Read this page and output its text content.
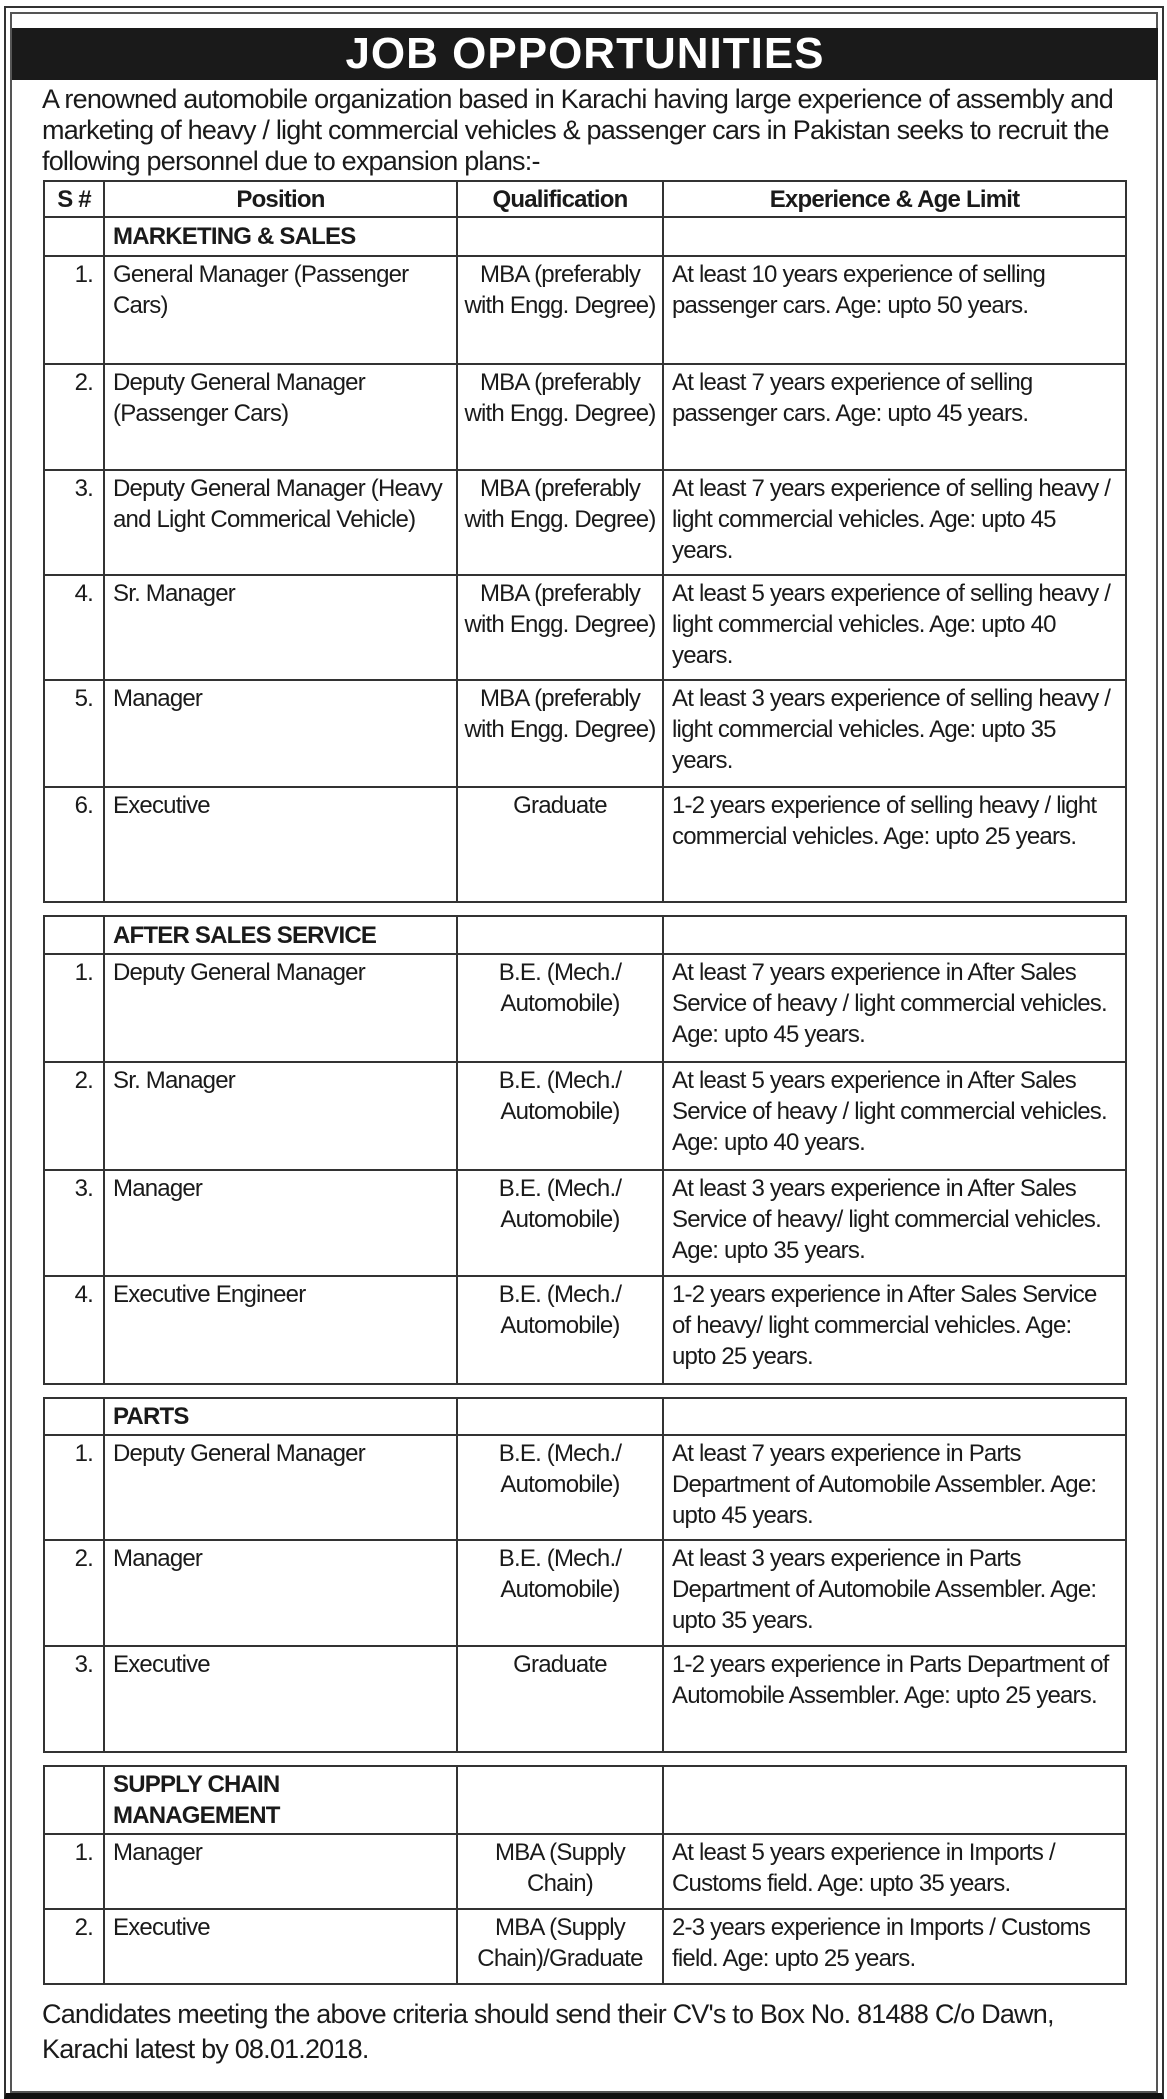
JOB OPPORTUNITIES
A renowned automobile organization based in Karachi having large experience of assembly and marketing of heavy / light commercial vehicles & passenger cars in Pakistan seeks to recruit the following personnel due to expansion plans:-
S #	Position	Qualification	Experience & Age Limit
	MARKETING & SALES		
1.	General Manager (Passenger Cars)	MBA (preferably with Engg. Degree)	At least 10 years experience of selling passenger cars. Age: upto 50 years.
2.	Deputy General Manager (Passenger Cars)	MBA (preferably with Engg. Degree)	At least 7 years experience of selling passenger cars. Age: upto 45 years.
3.	Deputy General Manager (Heavy and Light Commerical Vehicle)	MBA (preferably with Engg. Degree)	At least 7 years experience of selling heavy / light commercial vehicles. Age: upto 45 years.
4.	Sr. Manager	MBA (preferably with Engg. Degree)	At least 5 years experience of selling heavy / light commercial vehicles. Age: upto 40 years.
5.	Manager	MBA (preferably with Engg. Degree)	At least 3 years experience of selling heavy / light commercial vehicles. Age: upto 35 years.
6.	Executive	Graduate	1-2 years experience of selling heavy / light commercial vehicles. Age: upto 25 years.
	AFTER SALES SERVICE		
1.	Deputy General Manager	B.E. (Mech./ Automobile)	At least 7 years experience in After Sales Service of heavy / light commercial vehicles. Age: upto 45 years.
2.	Sr. Manager	B.E. (Mech./ Automobile)	At least 5 years experience in After Sales Service of heavy / light commercial vehicles. Age: upto 40 years.
3.	Manager	B.E. (Mech./ Automobile)	At least 3 years experience in After Sales Service of heavy/ light commercial vehicles. Age: upto 35 years.
4.	Executive Engineer	B.E. (Mech./ Automobile)	1-2 years experience in After Sales Service of heavy/ light commercial vehicles. Age: upto 25 years.
	PARTS		
1.	Deputy General Manager	B.E. (Mech./ Automobile)	At least 7 years experience in Parts Department of Automobile Assembler. Age: upto 45 years.
2.	Manager	B.E. (Mech./ Automobile)	At least 3 years experience in Parts Department of Automobile Assembler. Age: upto 35 years.
3.	Executive	Graduate	1-2 years experience in Parts Department of Automobile Assembler. Age: upto 25 years.
	SUPPLY CHAIN MANAGEMENT		
1.	Manager	MBA (Supply Chain)	At least 5 years experience in Imports / Customs field. Age: upto 35 years.
2.	Executive	MBA (Supply Chain)/Graduate	2-3 years experience in Imports / Customs field. Age: upto 25 years.
Candidates meeting the above criteria should send their CV's to Box No. 81488 C/o Dawn, Karachi latest by 08.01.2018.
